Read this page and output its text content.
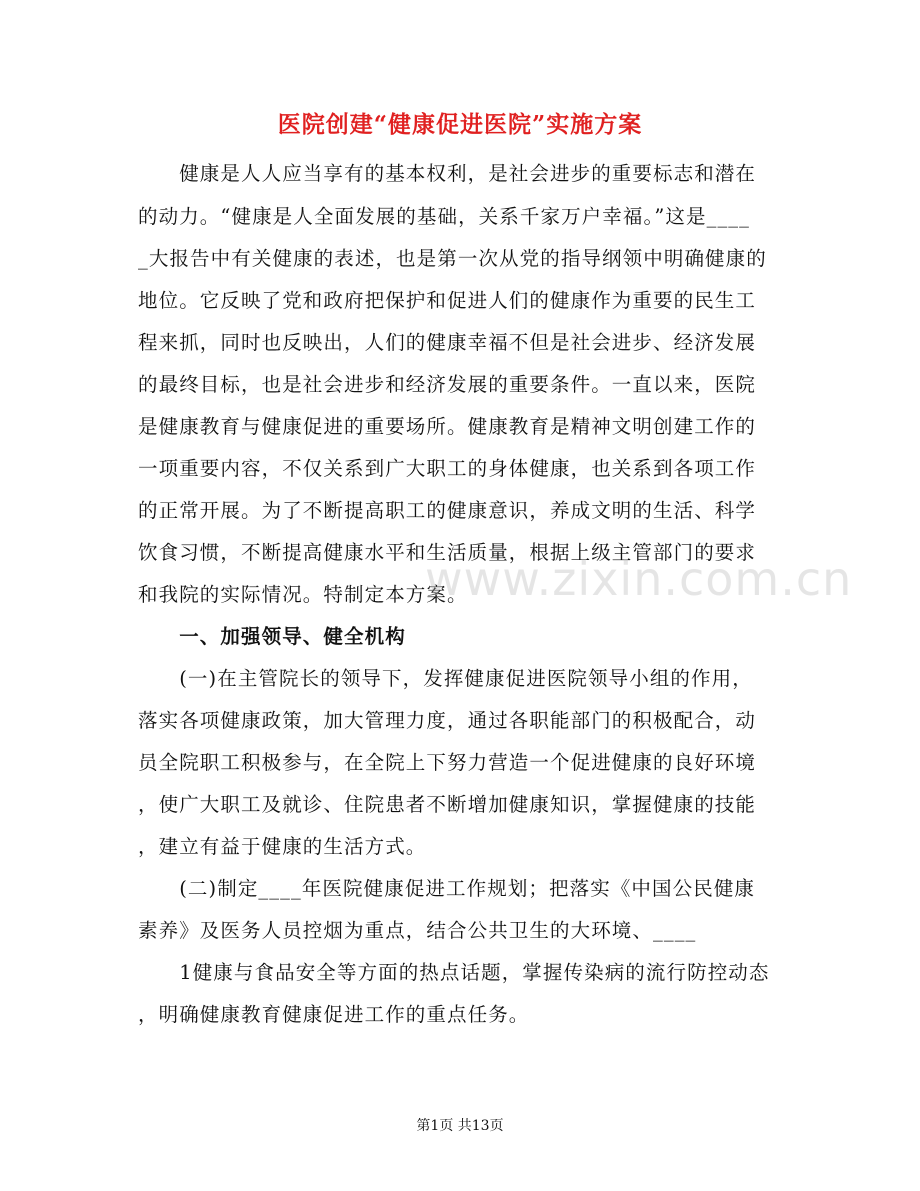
医院创建“健康促进医院”实施方案
　　健康是人人应当享有的基本权利，是社会进步的重要标志和潜在
的动力。“健康是人全面发展的基础，关系千家万户幸福。”这是____
_大报告中有关健康的表述，也是第一次从党的指导纲领中明确健康的
地位。它反映了党和政府把保护和促进人们的健康作为重要的民生工
程来抓，同时也反映出，人们的健康幸福不但是社会进步、经济发展
的最终目标，也是社会进步和经济发展的重要条件。一直以来，医院
是健康教育与健康促进的重要场所。健康教育是精神文明创建工作的
一项重要内容，不仅关系到广大职工的身体健康，也关系到各项工作
的正常开展。为了不断提高职工的健康意识，养成文明的生活、科学
饮食习惯，不断提高健康水平和生活质量，根据上级主管部门的要求
和我院的实际情况。特制定本方案。
　　一、加强领导、健全机构
　　(一)在主管院长的领导下，发挥健康促进医院领导小组的作用，
落实各项健康政策，加大管理力度，通过各职能部门的积极配合，动
员全院职工积极参与，在全院上下努力营造一个促进健康的良好环境
，使广大职工及就诊、住院患者不断增加健康知识，掌握健康的技能
，建立有益于健康的生活方式。
　　(二)制定____年医院健康促进工作规划；把落实《中国公民健康
素养》及医务人员控烟为重点，结合公共卫生的大环境、____
　　1健康与食品安全等方面的热点话题，掌握传染病的流行防控动态
，明确健康教育健康促进工作的重点任务。
www.zixin.com.cn
第1页 共13页
